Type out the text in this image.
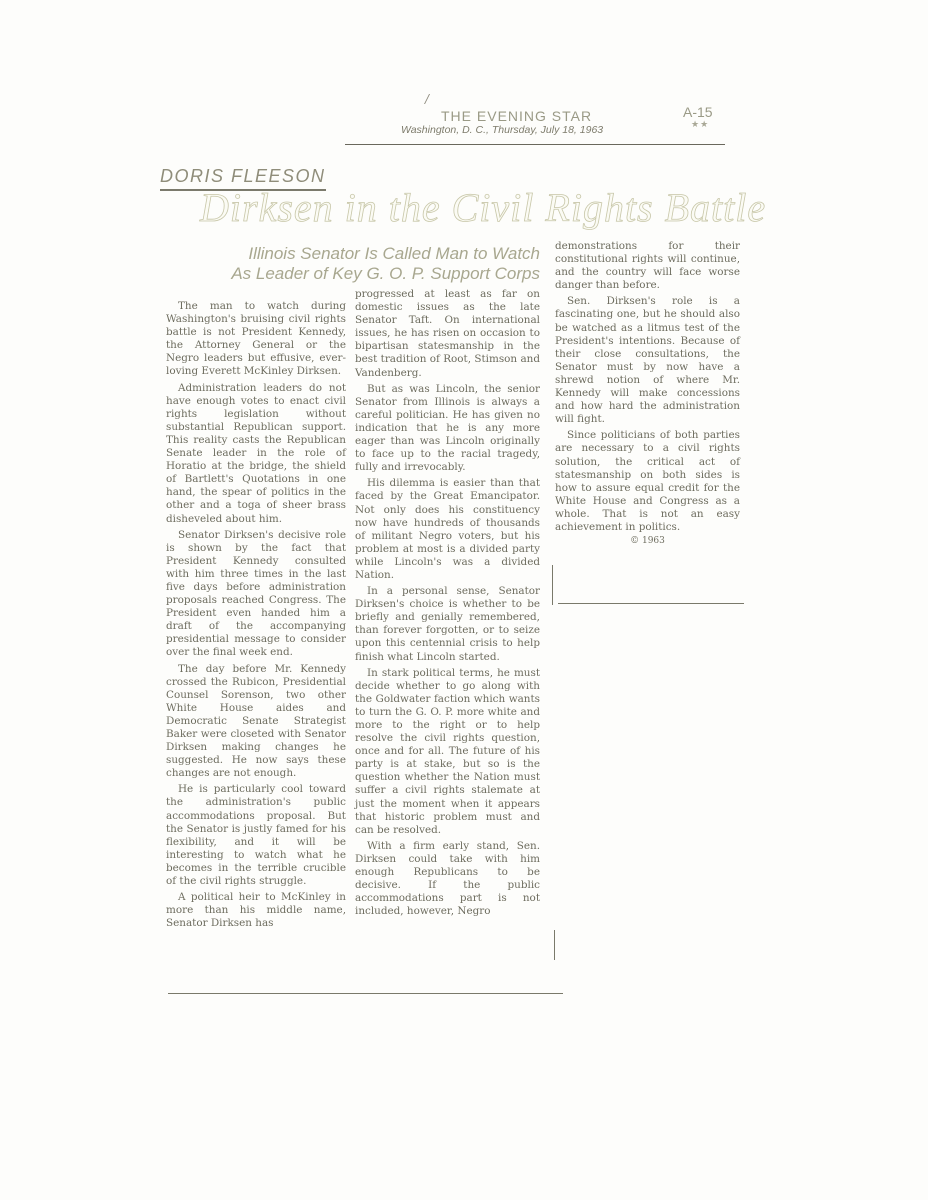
/
THE EVENING STAR
Washington, D. C., Thursday, July 18, 1963
A-15
★★
DORIS FLEESON
Dirksen in the Civil Rights Battle
Illinois Senator Is Called Man to Watch
As Leader of Key G. O. P. Support Corps

The man to watch during Washington's bruising civil rights battle is not President Kennedy, the Attorney General or the Negro leaders but effusive, ever-loving Everett McKinley Dirksen.

Administration leaders do not have enough votes to enact civil rights legislation without substantial Republican support. This reality casts the Republican Senate leader in the role of Horatio at the bridge, the shield of Bartlett's Quotations in one hand, the spear of politics in the other and a toga of sheer brass disheveled about him.

Senator Dirksen's decisive role is shown by the fact that President Kennedy consulted with him three times in the last five days before administration proposals reached Congress. The President even handed him a draft of the accompanying presidential message to consider over the final week end.

The day before Mr. Kennedy crossed the Rubicon, Presidential Counsel Sorenson, two other White House aides and Democratic Senate Strategist Baker were closeted with Senator Dirksen making changes he suggested. He now says these changes are not enough.

He is particularly cool toward the administration's public accommodations proposal. But the Senator is justly famed for his flexibility, and it will be interesting to watch what he becomes in the terrible crucible of the civil rights struggle.

A political heir to McKinley in more than his middle name, Senator Dirksen has

progressed at least as far on domestic issues as the late Senator Taft. On international issues, he has risen on occasion to bipartisan statesmanship in the best tradition of Root, Stimson and Vandenberg.

But as was Lincoln, the senior Senator from Illinois is always a careful politician. He has given no indication that he is any more eager than was Lincoln originally to face up to the racial tragedy, fully and irrevocably.

His dilemma is easier than that faced by the Great Emancipator. Not only does his constituency now have hundreds of thousands of militant Negro voters, but his problem at most is a divided party while Lincoln's was a divided Nation.

In a personal sense, Senator Dirksen's choice is whether to be briefly and genially remembered, than forever forgotten, or to seize upon this centennial crisis to help finish what Lincoln started.

In stark political terms, he must decide whether to go along with the Goldwater faction which wants to turn the G. O. P. more white and more to the right or to help resolve the civil rights question, once and for all. The future of his party is at stake, but so is the question whether the Nation must suffer a civil rights stalemate at just the moment when it appears that historic problem must and can be resolved.

With a firm early stand, Sen. Dirksen could take with him enough Republicans to be decisive. If the public accommodations part is not included, however, Negro

demonstrations for their constitutional rights will continue, and the country will face worse danger than before.

Sen. Dirksen's role is a fascinating one, but he should also be watched as a litmus test of the President's intentions. Because of their close consultations, the Senator must by now have a shrewd notion of where Mr. Kennedy will make concessions and how hard the administration will fight.

Since politicians of both parties are necessary to a civil rights solution, the critical act of statesmanship on both sides is how to assure equal credit for the White House and Congress as a whole. That is not an easy achievement in politics.

© 1963
